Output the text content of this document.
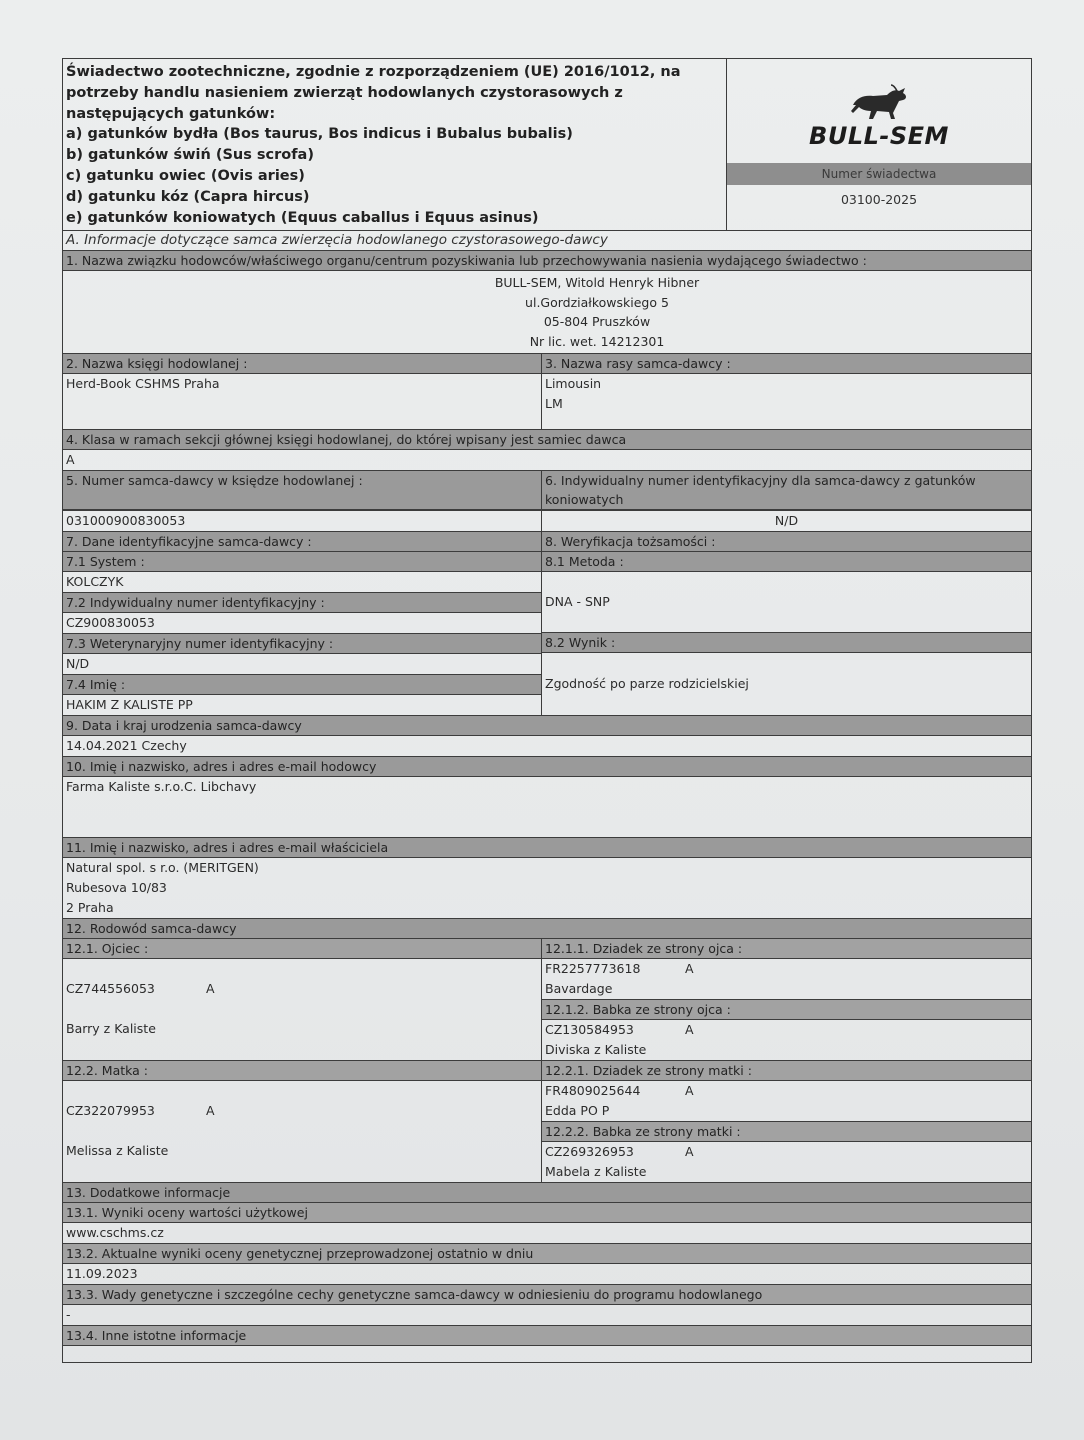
Świadectwo zootechniczne, zgodnie z rozporządzeniem (UE) 2016/1012, na
potrzeby handlu nasieniem zwierząt hodowlanych czystorasowych z
następujących gatunków:
a) gatunków bydła (Bos taurus, Bos indicus i Bubalus bubalis)
b) gatunków świń (Sus scrofa)
c) gatunku owiec (Ovis aries)
d) gatunku kóz (Capra hircus)
e) gatunków koniowatych (Equus caballus i Equus asinus)
BULL-SEM
Numer świadectwa
03100-2025
A. Informacje dotyczące samca zwierzęcia hodowlanego czystorasowego-dawcy
1. Nazwa związku hodowców/właściwego organu/centrum pozyskiwania lub przechowywania nasienia wydającego świadectwo :
BULL-SEM, Witold Henryk Hibner
ul.Gordziałkowskiego 5
05-804 Pruszków
Nr lic. wet. 14212301
2. Nazwa księgi hodowlanej :
Herd-Book CSHMS Praha
3. Nazwa rasy samca-dawcy :
Limousin
LM
4. Klasa w ramach sekcji głównej księgi hodowlanej, do której wpisany jest samiec dawca
A
5. Numer samca-dawcy w księdze hodowlanej :
031000900830053
6. Indywidualny numer identyfikacyjny dla samca-dawcy z gatunków
koniowatych
N/D
7. Dane identyfikacyjne samca-dawcy :
7.1 System :
KOLCZYK
7.2 Indywidualny numer identyfikacyjny :
CZ900830053
7.3 Weterynaryjny numer identyfikacyjny :
N/D
7.4 Imię :
HAKIM Z KALISTE PP
8. Weryfikacja tożsamości :
8.1 Metoda :
DNA - SNP
8.2 Wynik :
Zgodność po parze rodzicielskiej
9. Data i kraj urodzenia samca-dawcy
14.04.2021 Czechy
10. Imię i nazwisko, adres i adres e-mail hodowcy
Farma Kaliste s.r.o.C. Libchavy
11. Imię i nazwisko, adres i adres e-mail właściciela
Natural spol. s r.o. (MERITGEN)
Rubesova 10/83
2 Praha
12. Rodowód samca-dawcy
12.1. Ojciec :
CZ744556053	A
Barry z Kaliste
12.1.1. Dziadek ze strony ojca :
FR2257773618	A
Bavardage
12.1.2. Babka ze strony ojca :
CZ130584953	A
Diviska z Kaliste
12.2. Matka :
CZ322079953	A
Melissa z Kaliste
12.2.1. Dziadek ze strony matki :
FR4809025644	A
Edda PO P
12.2.2. Babka ze strony matki :
CZ269326953	A
Mabela z Kaliste
13. Dodatkowe informacje
13.1. Wyniki oceny wartości użytkowej
www.cschms.cz
13.2. Aktualne wyniki oceny genetycznej przeprowadzonej ostatnio w dniu
11.09.2023
13.3. Wady genetyczne i szczególne cechy genetyczne samca-dawcy w odniesieniu do programu hodowlanego
-
13.4. Inne istotne informacje
